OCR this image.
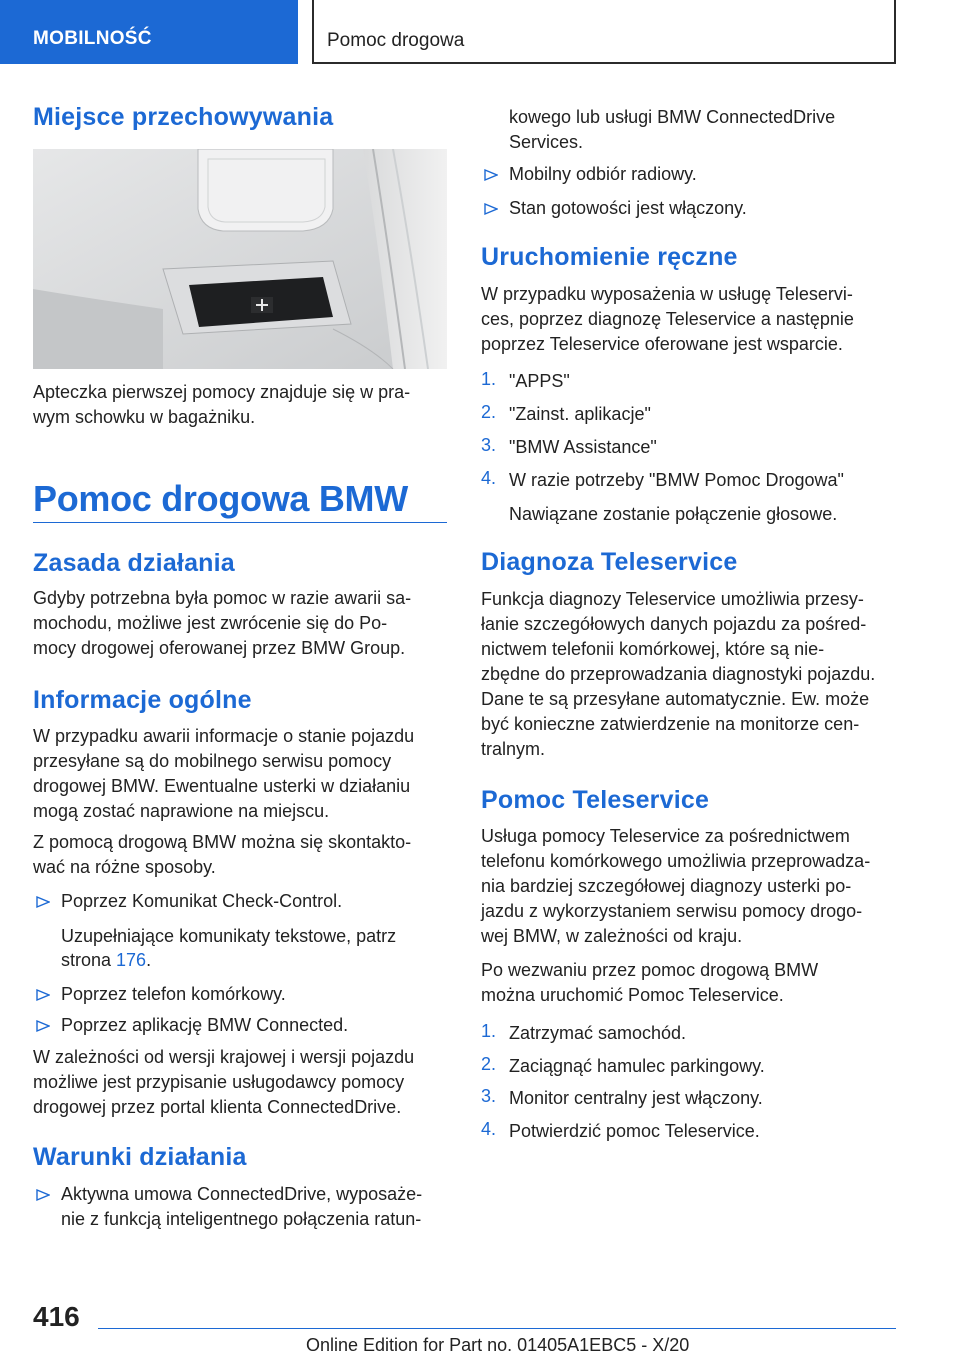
MOBILNOŚĆ	Pomoc drogowa
Miejsce przechowywania
Apteczka pierwszej pomocy znajduje się w pra-
wym schowku w bagażniku.
Pomoc drogowa BMW
Zasada działania
Gdyby potrzebna była pomoc w razie awarii sa-
mochodu, możliwe jest zwrócenie się do Po-
mocy drogowej oferowanej przez BMW Group.
Informacje ogólne
W przypadku awarii informacje o stanie pojazdu
przesyłane są do mobilnego serwisu pomocy
drogowej BMW. Ewentualne usterki w działaniu
mogą zostać naprawione na miejscu.
Z pomocą drogową BMW można się skontakto-
wać na różne sposoby.
Poprzez Komunikat Check-Control.
Uzupełniające komunikaty tekstowe, patrz
strona 176.
Poprzez telefon komórkowy.
Poprzez aplikację BMW Connected.
W zależności od wersji krajowej i wersji pojazdu
możliwe jest przypisanie usługodawcy pomocy
drogowej przez portal klienta ConnectedDrive.
Warunki działania
Aktywna umowa ConnectedDrive, wyposaże-
nie z funkcją inteligentnego połączenia ratun-
kowego lub usługi BMW ConnectedDrive
Services.
Mobilny odbiór radiowy.
Stan gotowości jest włączony.
Uruchomienie ręczne
W przypadku wyposażenia w usługę Teleservi-
ces, poprzez diagnozę Teleservice a następnie
poprzez Teleservice oferowane jest wsparcie.
1. "APPS"
2. "Zainst. aplikacje"
3. "BMW Assistance"
4. W razie potrzeby "BMW Pomoc Drogowa"
Nawiązane zostanie połączenie głosowe.
Diagnoza Teleservice
Funkcja diagnozy Teleservice umożliwia przesy-
łanie szczegółowych danych pojazdu za pośred-
nictwem telefonii komórkowej, które są nie-
zbędne do przeprowadzania diagnostyki pojazdu.
Dane te są przesyłane automatycznie. Ew. może
być konieczne zatwierdzenie na monitorze cen-
tralnym.
Pomoc Teleservice
Usługa pomocy Teleservice za pośrednictwem
telefonu komórkowego umożliwia przeprowadza-
nia bardziej szczegółowej diagnozy usterki po-
jazdu z wykorzystaniem serwisu pomocy drogo-
wej BMW, w zależności od kraju.
Po wezwaniu przez pomoc drogową BMW
można uruchomić Pomoc Teleservice.
1. Zatrzymać samochód.
2. Zaciągnąć hamulec parkingowy.
3. Monitor centralny jest włączony.
4. Potwierdzić pomoc Teleservice.
416
Online Edition for Part no. 01405A1EBC5 - X/20
